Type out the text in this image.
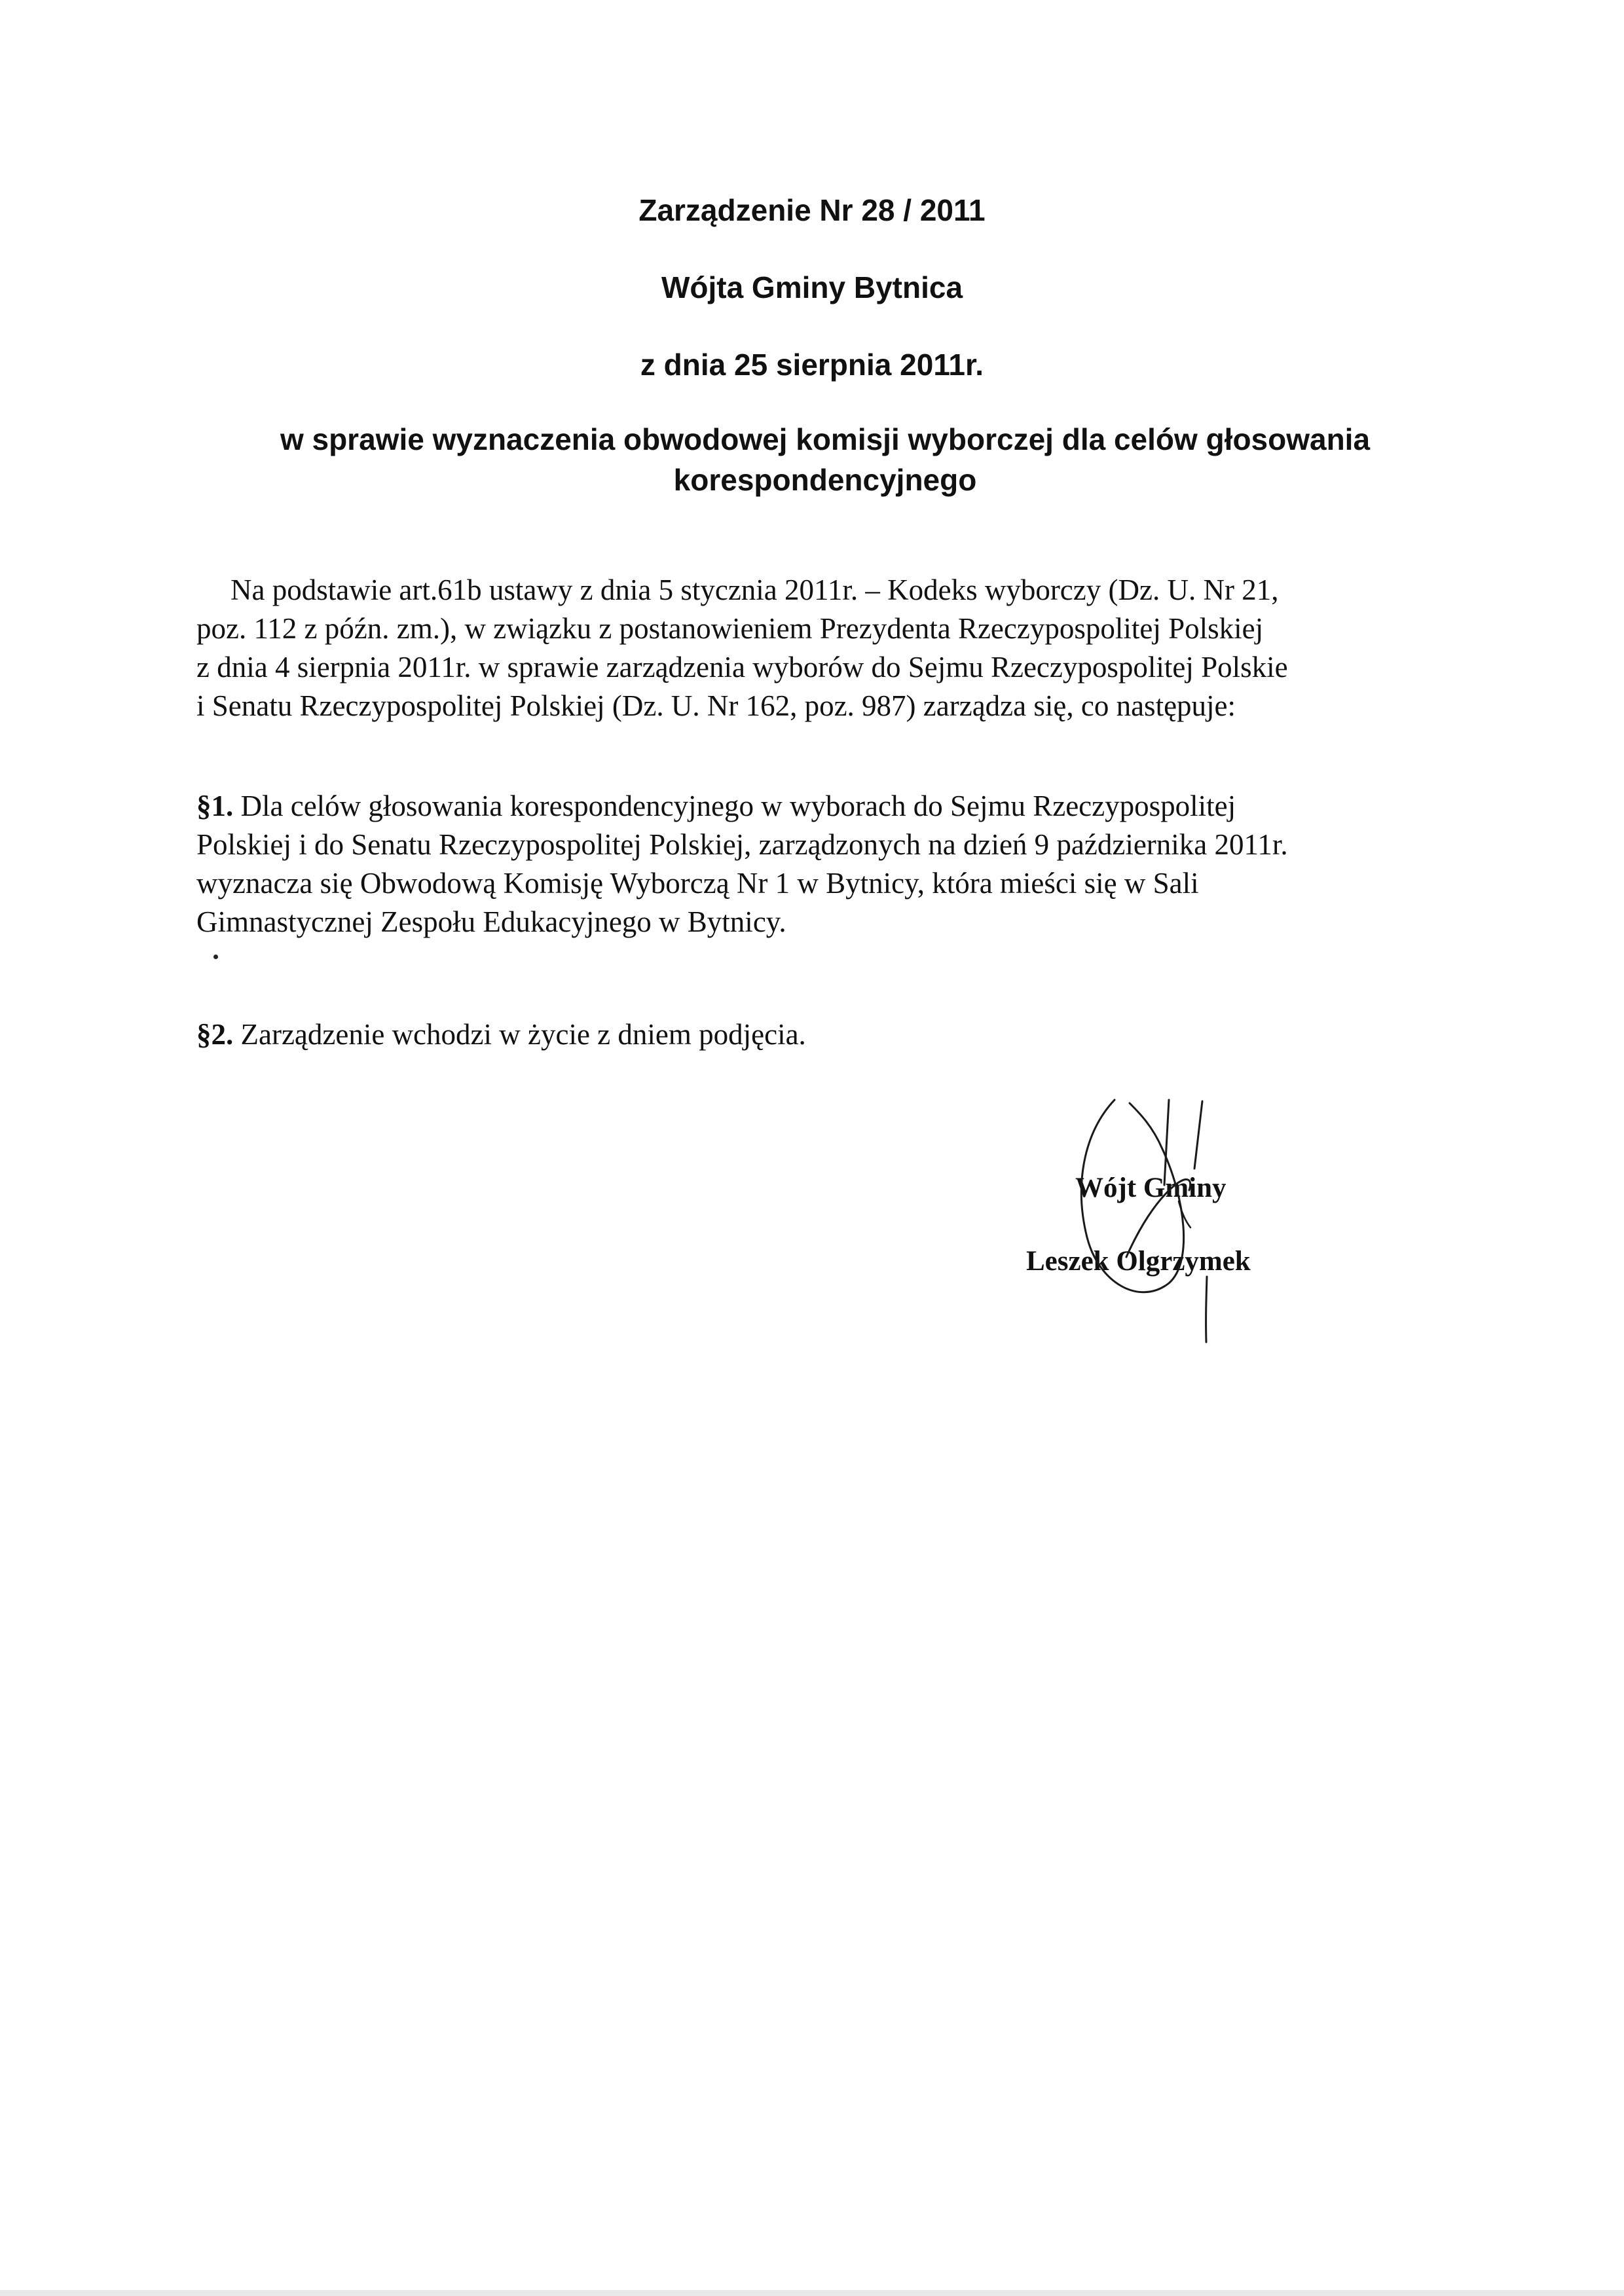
Zarządzenie Nr 28 / 2011
Wójta Gminy Bytnica
z dnia 25 sierpnia 2011r.
w sprawie wyznaczenia obwodowej komisji wyborczej dla celów głosowania korespondencyjnego

Na podstawie art.61b ustawy z dnia 5 stycznia 2011r. – Kodeks wyborczy (Dz. U. Nr 21,
poz. 112 z późn. zm.), w związku z postanowieniem Prezydenta Rzeczypospolitej Polskiej
z dnia 4 sierpnia 2011r. w sprawie zarządzenia wyborów do Sejmu Rzeczypospolitej Polskie
i Senatu Rzeczypospolitej Polskiej (Dz. U. Nr 162, poz. 987) zarządza się, co następuje:

§1. Dla celów głosowania korespondencyjnego w wyborach do Sejmu Rzeczypospolitej
Polskiej i do Senatu Rzeczypospolitej Polskiej, zarządzonych na dzień 9 października 2011r.
wyznacza się Obwodową Komisję Wyborczą Nr 1 w Bytnicy, która mieści się w Sali
Gimnastycznej Zespołu Edukacyjnego w Bytnicy.

§2. Zarządzenie wchodzi w życie z dniem podjęcia.

Wójt Gminy
Leszek Olgrzymek
